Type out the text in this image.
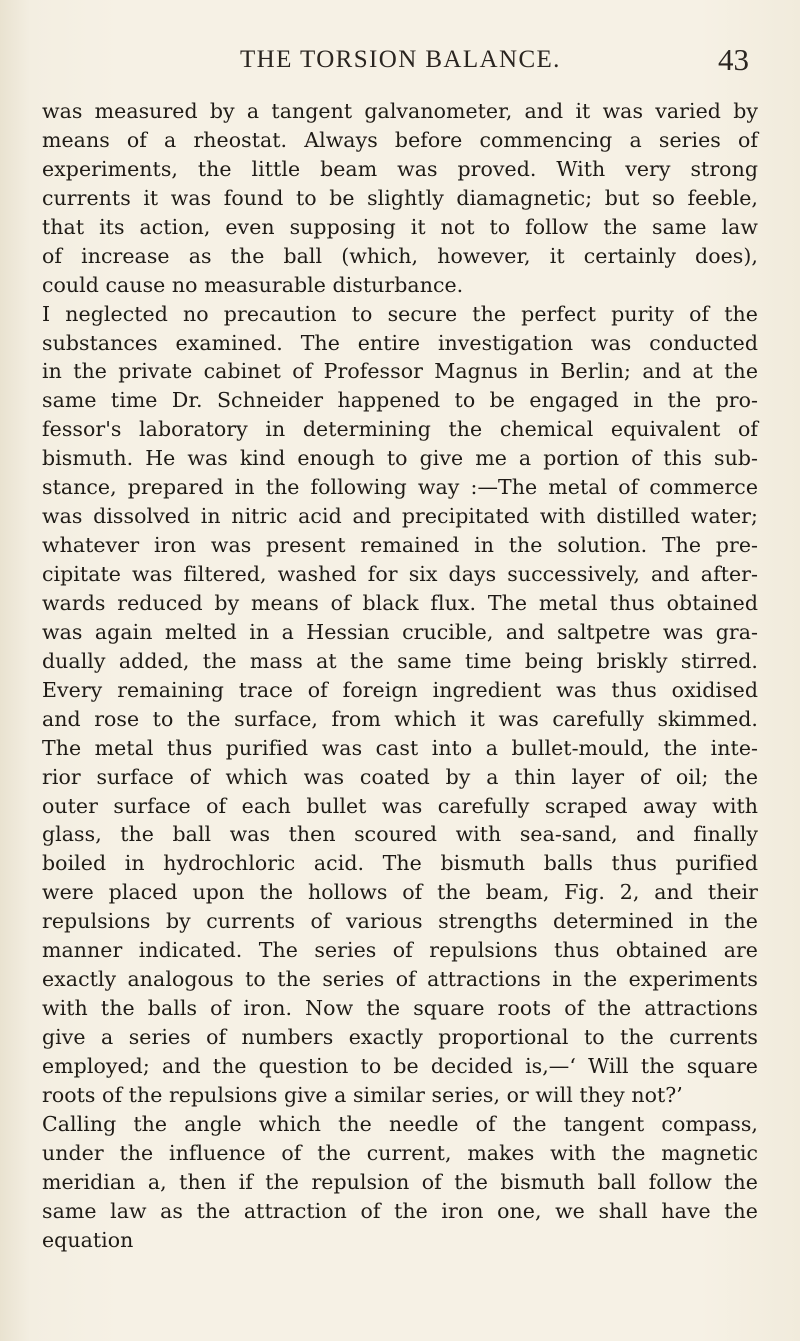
THE TORSION BALANCE.	43
was measured by a tangent galvanometer, and it was varied by
means of a rheostat. Always before commencing a series of
experiments, the little beam was proved. With very strong
currents it was found to be slightly diamagnetic; but so feeble,
that its action, even supposing it not to follow the same law
of increase as the ball (which, however, it certainly does),
could cause no measurable disturbance.
I neglected no precaution to secure the perfect purity of the
substances examined. The entire investigation was conducted
in the private cabinet of Professor Magnus in Berlin; and at the
same time Dr. Schneider happened to be engaged in the pro-
fessor's laboratory in determining the chemical equivalent of
bismuth. He was kind enough to give me a portion of this sub-
stance, prepared in the following way :—The metal of commerce
was dissolved in nitric acid and precipitated with distilled water;
whatever iron was present remained in the solution. The pre-
cipitate was filtered, washed for six days successively, and after-
wards reduced by means of black flux. The metal thus obtained
was again melted in a Hessian crucible, and saltpetre was gra-
dually added, the mass at the same time being briskly stirred.
Every remaining trace of foreign ingredient was thus oxidised
and rose to the surface, from which it was carefully skimmed.
The metal thus purified was cast into a bullet-mould, the inte-
rior surface of which was coated by a thin layer of oil; the
outer surface of each bullet was carefully scraped away with
glass, the ball was then scoured with sea-sand, and finally
boiled in hydrochloric acid. The bismuth balls thus purified
were placed upon the hollows of the beam, Fig. 2, and their
repulsions by currents of various strengths determined in the
manner indicated. The series of repulsions thus obtained are
exactly analogous to the series of attractions in the experiments
with the balls of iron. Now the square roots of the attractions
give a series of numbers exactly proportional to the currents
employed; and the question to be decided is,—‘ Will the square
roots of the repulsions give a similar series, or will they not?’
Calling the angle which the needle of the tangent compass,
under the influence of the current, makes with the magnetic
meridian a, then if the repulsion of the bismuth ball follow the
same law as the attraction of the iron one, we shall have the
equation
